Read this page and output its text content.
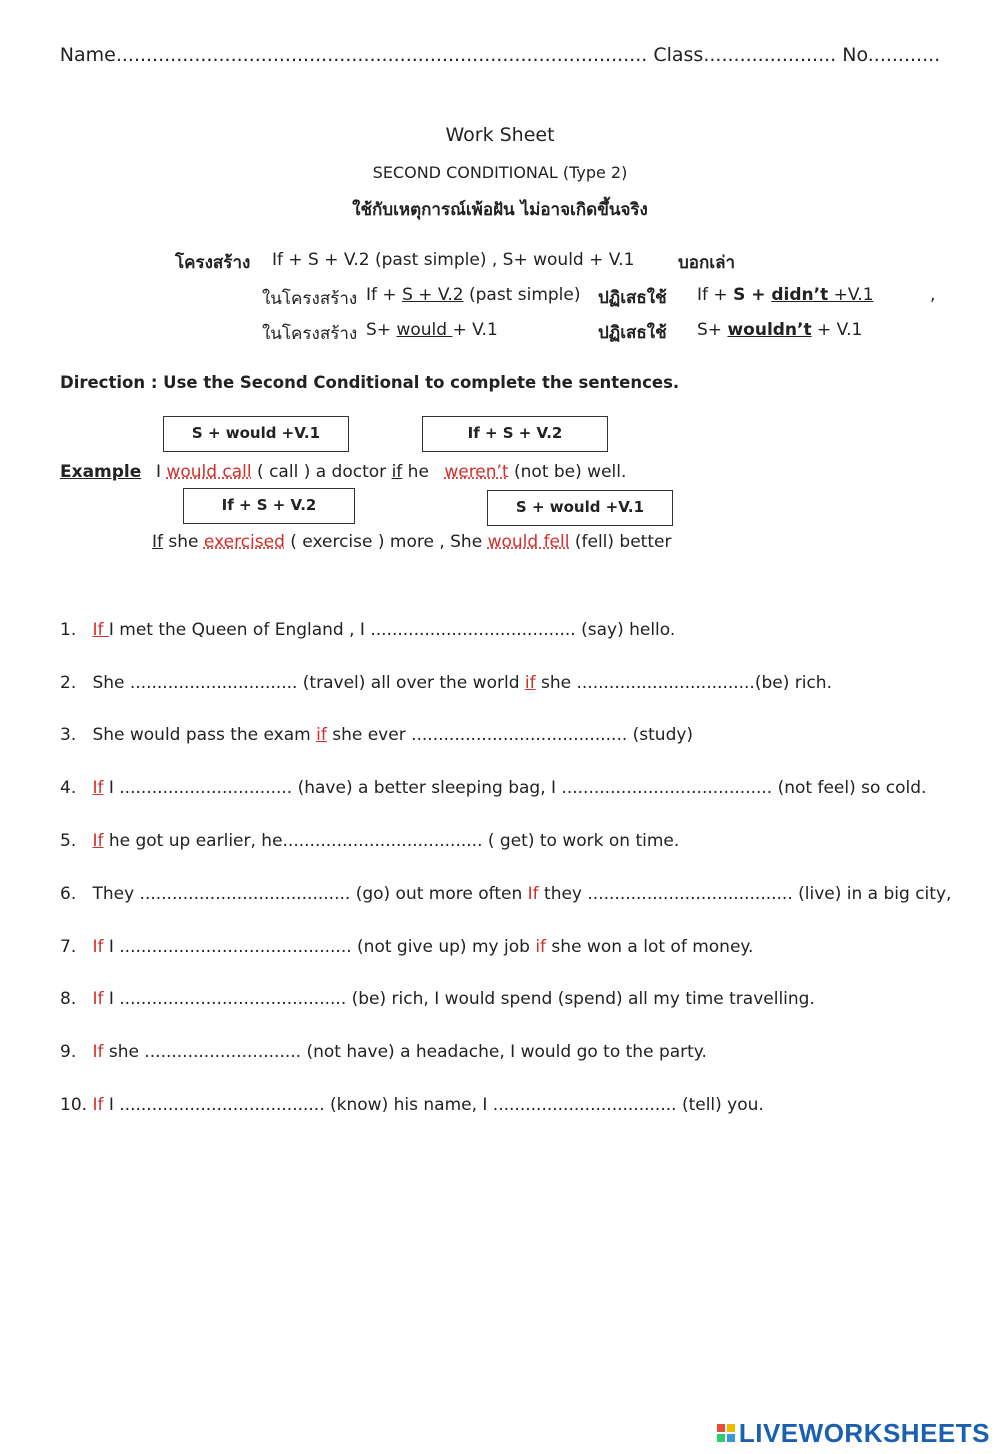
Name........................................................................................ Class...................... No............
Work Sheet
SECOND CONDITIONAL (Type 2)
ใช้กับเหตุการณ์เพ้อฝัน ไม่อาจเกิดขึ้นจริง
โครงสร้าง If + S + V.2 (past simple) , S+ would + V.1	บอกเล่า
ในโครงสร้าง If + S + V.2 (past simple) ปฏิเสธใช้ If + S + didn’t +V.1	,
ในโครงสร้าง S+ would + V.1	ปฏิเสธใช้ S+ wouldn’t + V.1
Direction : Use the Second Conditional to complete the sentences.
S + would +V.1	If + S + V.2
Example I would call ( call ) a doctor if he weren’t (not be) well.
If + S + V.2	S + would +V.1
If she exercised ( exercise ) more , She would fell (fell) better
1. If I met the Queen of England , I ...................................... (say) hello.
2. She ............................... (travel) all over the world if she .................................(be) rich.
3. She would pass the exam if she ever ........................................ (study)
4. If I ................................ (have) a better sleeping bag, I ....................................... (not feel) so cold.
5. If he got up earlier, he..................................... ( get) to work on time.
6. They ....................................... (go) out more often If they ...................................... (live) in a big city,
7. If I ........................................... (not give up) my job if she won a lot of money.
8. If I .......................................... (be) rich, I would spend (spend) all my time travelling.
9. If she ............................. (not have) a headache, I would go to the party.
10. If I ...................................... (know) his name, I .................................. (tell) you.
LIVEWORKSHEETS
